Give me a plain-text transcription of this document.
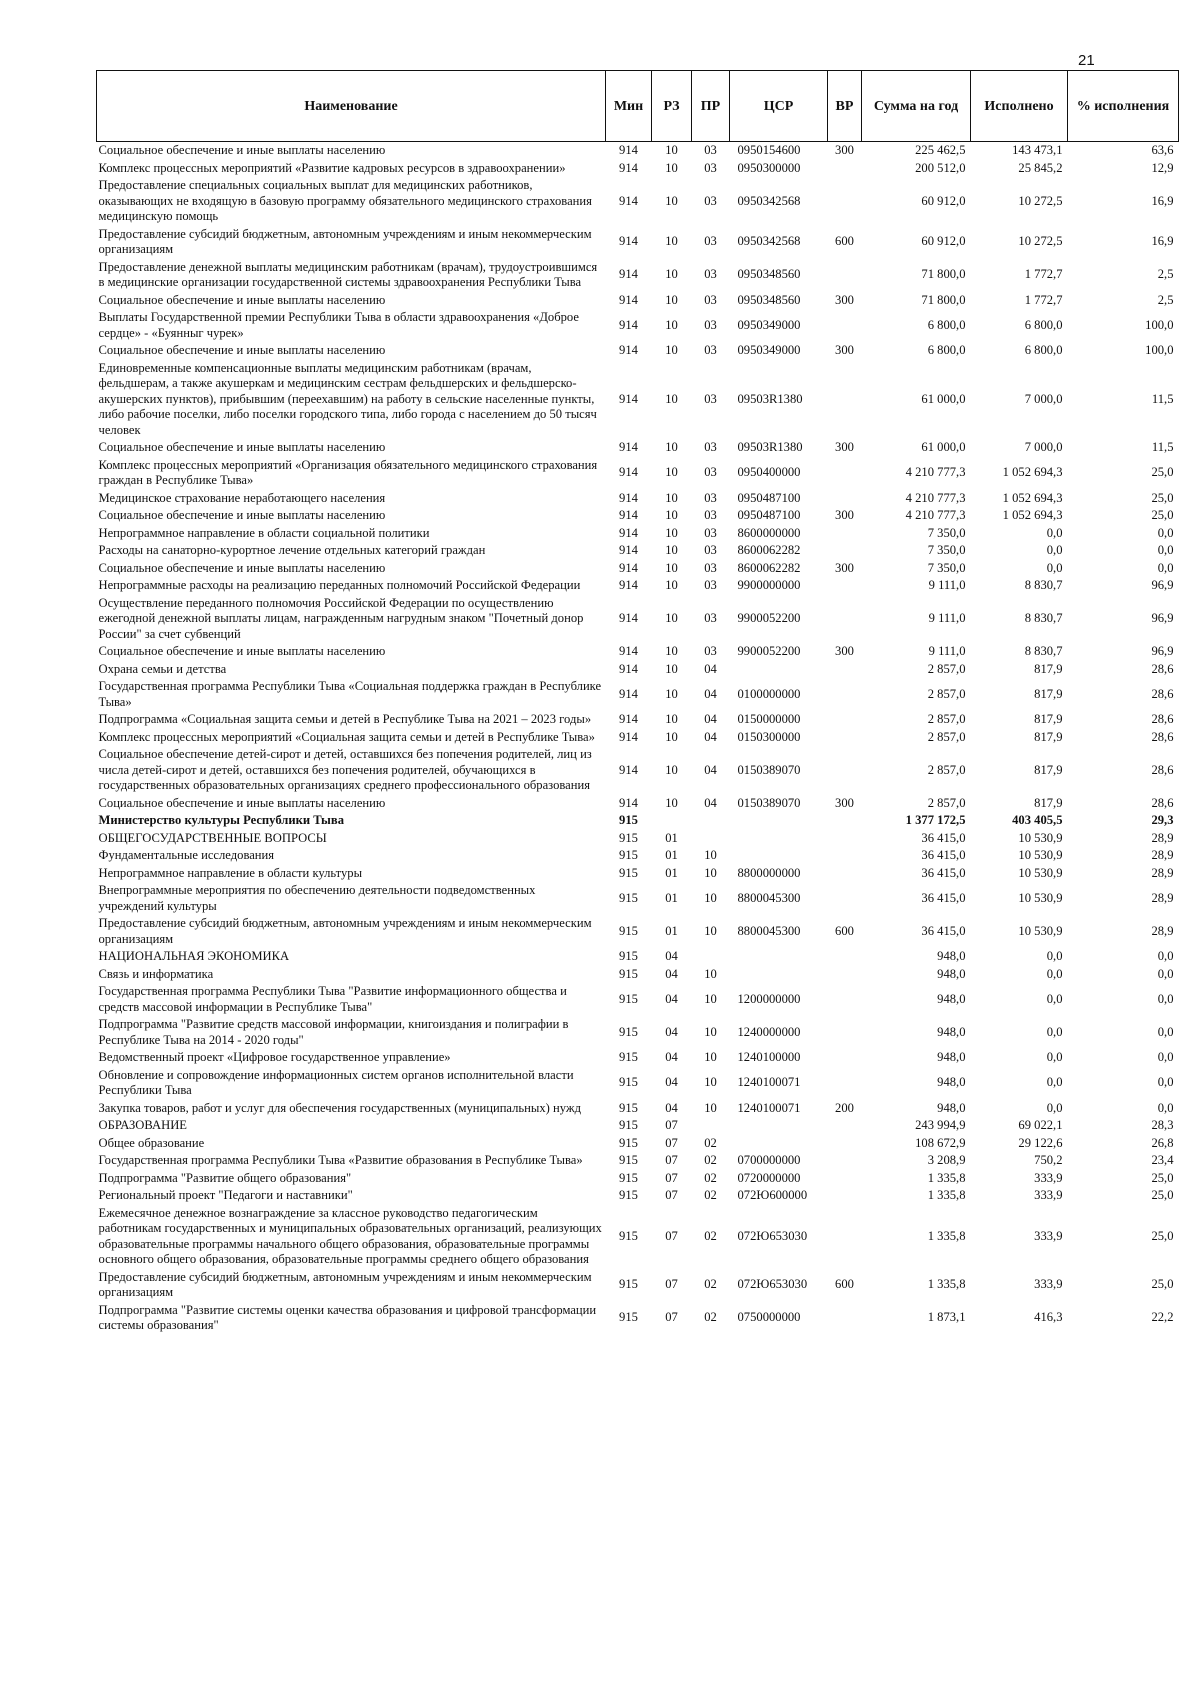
21
Наименование	Мин	РЗ	ПР	ЦСР	ВР	Сумма на год	Исполнено	% исполнения
Социальное обеспечение и иные выплаты населению	914	10	03	0950154600	300	225 462,5	143 473,1	63,6
Комплекс процессных мероприятий «Развитие кадровых ресурсов в здравоохранении»	914	10	03	0950300000		200 512,0	25 845,2	12,9
Предоставление специальных социальных выплат для медицинских работников, оказывающих не входящую в базовую программу обязательного медицинского страхования медицинскую помощь	914	10	03	0950342568		60 912,0	10 272,5	16,9
Предоставление субсидий бюджетным, автономным учреждениям и иным некоммерческим организациям	914	10	03	0950342568	600	60 912,0	10 272,5	16,9
Предоставление денежной выплаты медицинским работникам (врачам), трудоустроившимся в медицинские организации государственной системы здравоохранения Республики Тыва	914	10	03	0950348560		71 800,0	1 772,7	2,5
Социальное обеспечение и иные выплаты населению	914	10	03	0950348560	300	71 800,0	1 772,7	2,5
Выплаты Государственной премии Республики Тыва в области здравоохранения «Доброе сердце» - «Буянныг чурек»	914	10	03	0950349000		6 800,0	6 800,0	100,0
Социальное обеспечение и иные выплаты населению	914	10	03	0950349000	300	6 800,0	6 800,0	100,0
Единовременные компенсационные выплаты медицинским работникам (врачам, фельдшерам, а также акушеркам и медицинским сестрам фельдшерских и фельдшерско-акушерских пунктов), прибывшим (переехавшим) на работу в сельские населенные пункты, либо рабочие поселки, либо поселки городского типа, либо города с населением до 50 тысяч человек	914	10	03	09503R1380		61 000,0	7 000,0	11,5
Социальное обеспечение и иные выплаты населению	914	10	03	09503R1380	300	61 000,0	7 000,0	11,5
Комплекс процессных мероприятий «Организация обязательного медицинского страхования граждан в Республике Тыва»	914	10	03	0950400000		4 210 777,3	1 052 694,3	25,0
Медицинское страхование неработающего населения	914	10	03	0950487100		4 210 777,3	1 052 694,3	25,0
Социальное обеспечение и иные выплаты населению	914	10	03	0950487100	300	4 210 777,3	1 052 694,3	25,0
Непрограммное направление в области социальной политики	914	10	03	8600000000		7 350,0	0,0	0,0
Расходы на санаторно-курортное лечение отдельных категорий граждан	914	10	03	8600062282		7 350,0	0,0	0,0
Социальное обеспечение и иные выплаты населению	914	10	03	8600062282	300	7 350,0	0,0	0,0
Непрограммные расходы на реализацию переданных полномочий Российской Федерации	914	10	03	9900000000		9 111,0	8 830,7	96,9
Осуществление переданного полномочия Российской Федерации по осуществлению ежегодной денежной выплаты лицам, награжденным нагрудным знаком "Почетный донор России" за счет субвенций	914	10	03	9900052200		9 111,0	8 830,7	96,9
Социальное обеспечение и иные выплаты населению	914	10	03	9900052200	300	9 111,0	8 830,7	96,9
Охрана семьи и детства	914	10	04			2 857,0	817,9	28,6
Государственная программа Республики Тыва «Социальная поддержка граждан в Республике Тыва»	914	10	04	0100000000		2 857,0	817,9	28,6
Подпрограмма «Социальная защита семьи и детей в Республике Тыва на 2021 – 2023 годы»	914	10	04	0150000000		2 857,0	817,9	28,6
Комплекс процессных мероприятий «Социальная защита семьи и детей в Республике Тыва»	914	10	04	0150300000		2 857,0	817,9	28,6
Социальное обеспечение детей-сирот и детей, оставшихся без попечения родителей, лиц из числа детей-сирот и детей, оставшихся без попечения родителей, обучающихся в государственных образовательных организациях среднего профессионального образования	914	10	04	0150389070		2 857,0	817,9	28,6
Социальное обеспечение и иные выплаты населению	914	10	04	0150389070	300	2 857,0	817,9	28,6
Министерство культуры Республики Тыва	915					1 377 172,5	403 405,5	29,3
ОБЩЕГОСУДАРСТВЕННЫЕ ВОПРОСЫ	915	01				36 415,0	10 530,9	28,9
Фундаментальные исследования	915	01	10			36 415,0	10 530,9	28,9
Непрограммное направление в области культуры	915	01	10	8800000000		36 415,0	10 530,9	28,9
Внепрограммные мероприятия по обеспечению деятельности подведомственных учреждений культуры	915	01	10	8800045300		36 415,0	10 530,9	28,9
Предоставление субсидий бюджетным, автономным учреждениям и иным некоммерческим организациям	915	01	10	8800045300	600	36 415,0	10 530,9	28,9
НАЦИОНАЛЬНАЯ ЭКОНОМИКА	915	04				948,0	0,0	0,0
Связь и информатика	915	04	10			948,0	0,0	0,0
Государственная программа Республики Тыва "Развитие информационного общества и средств массовой информации в Республике Тыва"	915	04	10	1200000000		948,0	0,0	0,0
Подпрограмма "Развитие средств массовой информации, книгоиздания и полиграфии в Республике Тыва на 2014 - 2020 годы"	915	04	10	1240000000		948,0	0,0	0,0
Ведомственный проект «Цифровое государственное управление»	915	04	10	1240100000		948,0	0,0	0,0
Обновление и сопровождение информационных систем органов исполнительной власти Республики Тыва	915	04	10	1240100071		948,0	0,0	0,0
Закупка товаров, работ и услуг для обеспечения государственных (муниципальных) нужд	915	04	10	1240100071	200	948,0	0,0	0,0
ОБРАЗОВАНИЕ	915	07				243 994,9	69 022,1	28,3
Общее образование	915	07	02			108 672,9	29 122,6	26,8
Государственная программа Республики Тыва «Развитие образования в Республике Тыва»	915	07	02	0700000000		3 208,9	750,2	23,4
Подпрограмма "Развитие общего образования"	915	07	02	0720000000		1 335,8	333,9	25,0
Региональный проект "Педагоги и наставники"	915	07	02	072Ю600000		1 335,8	333,9	25,0
Ежемесячное денежное вознаграждение за классное руководство педагогическим работникам государственных и муниципальных образовательных организаций, реализующих образовательные программы начального общего образования, образовательные программы основного общего образования, образовательные программы среднего общего образования	915	07	02	072Ю653030		1 335,8	333,9	25,0
Предоставление субсидий бюджетным, автономным учреждениям и иным некоммерческим организациям	915	07	02	072Ю653030	600	1 335,8	333,9	25,0
Подпрограмма "Развитие системы оценки качества образования и цифровой трансформации системы образования"	915	07	02	0750000000		1 873,1	416,3	22,2
